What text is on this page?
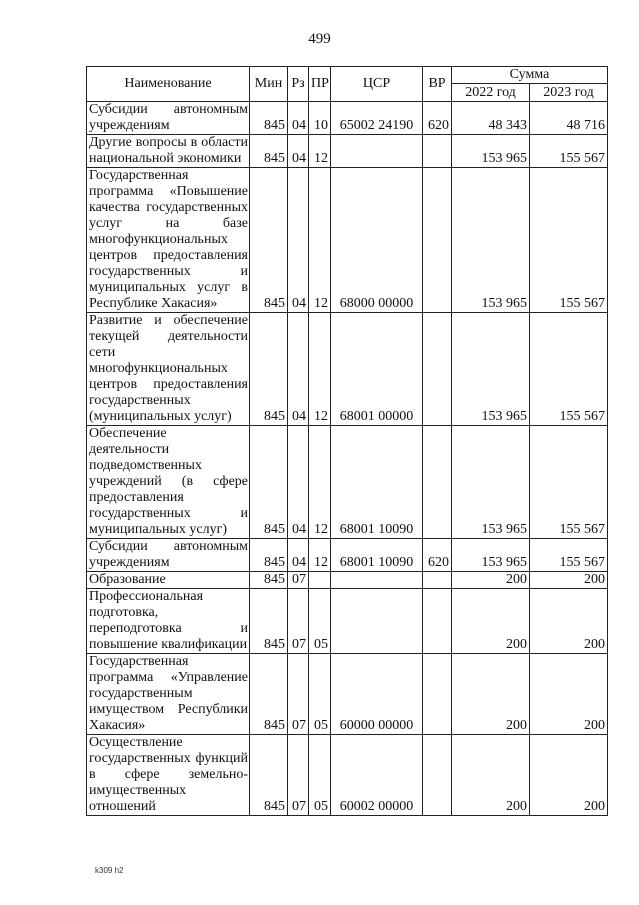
499
Наименование	Мин	Рз	ПР	ЦСР	ВР	Сумма	
						2022 год	2023 год
Субсидии автономным учреждениям	845	04	10	65002 24190	620	48 343	48 716
Другие вопросы в области национальной экономики	845	04	12			153 965	155 567
Государственная программа «Повышение качества государственных услуг на базе многофункциональных центров предоставления государственных и муниципальных услуг в Республике Хакасия»	845	04	12	68000 00000		153 965	155 567
Развитие и обеспечение текущей деятельности сети многофункциональных центров предоставления государственных (муниципальных услуг)	845	04	12	68001 00000		153 965	155 567
Обеспечение деятельности подведомственных учреждений (в сфере предоставления государственных и муниципальных услуг)	845	04	12	68001 10090		153 965	155 567
Субсидии автономным учреждениям	845	04	12	68001 10090	620	153 965	155 567
Образование	845	07				200	200
Профессиональная подготовка, переподготовка и повышение квалификации	845	07	05			200	200
Государственная программа «Управление государственным имуществом Республики Хакасия»	845	07	05	60000 00000		200	200
Осуществление государственных функций в сфере земельно-имущественных отношений	845	07	05	60002 00000		200	200
k309 h2
